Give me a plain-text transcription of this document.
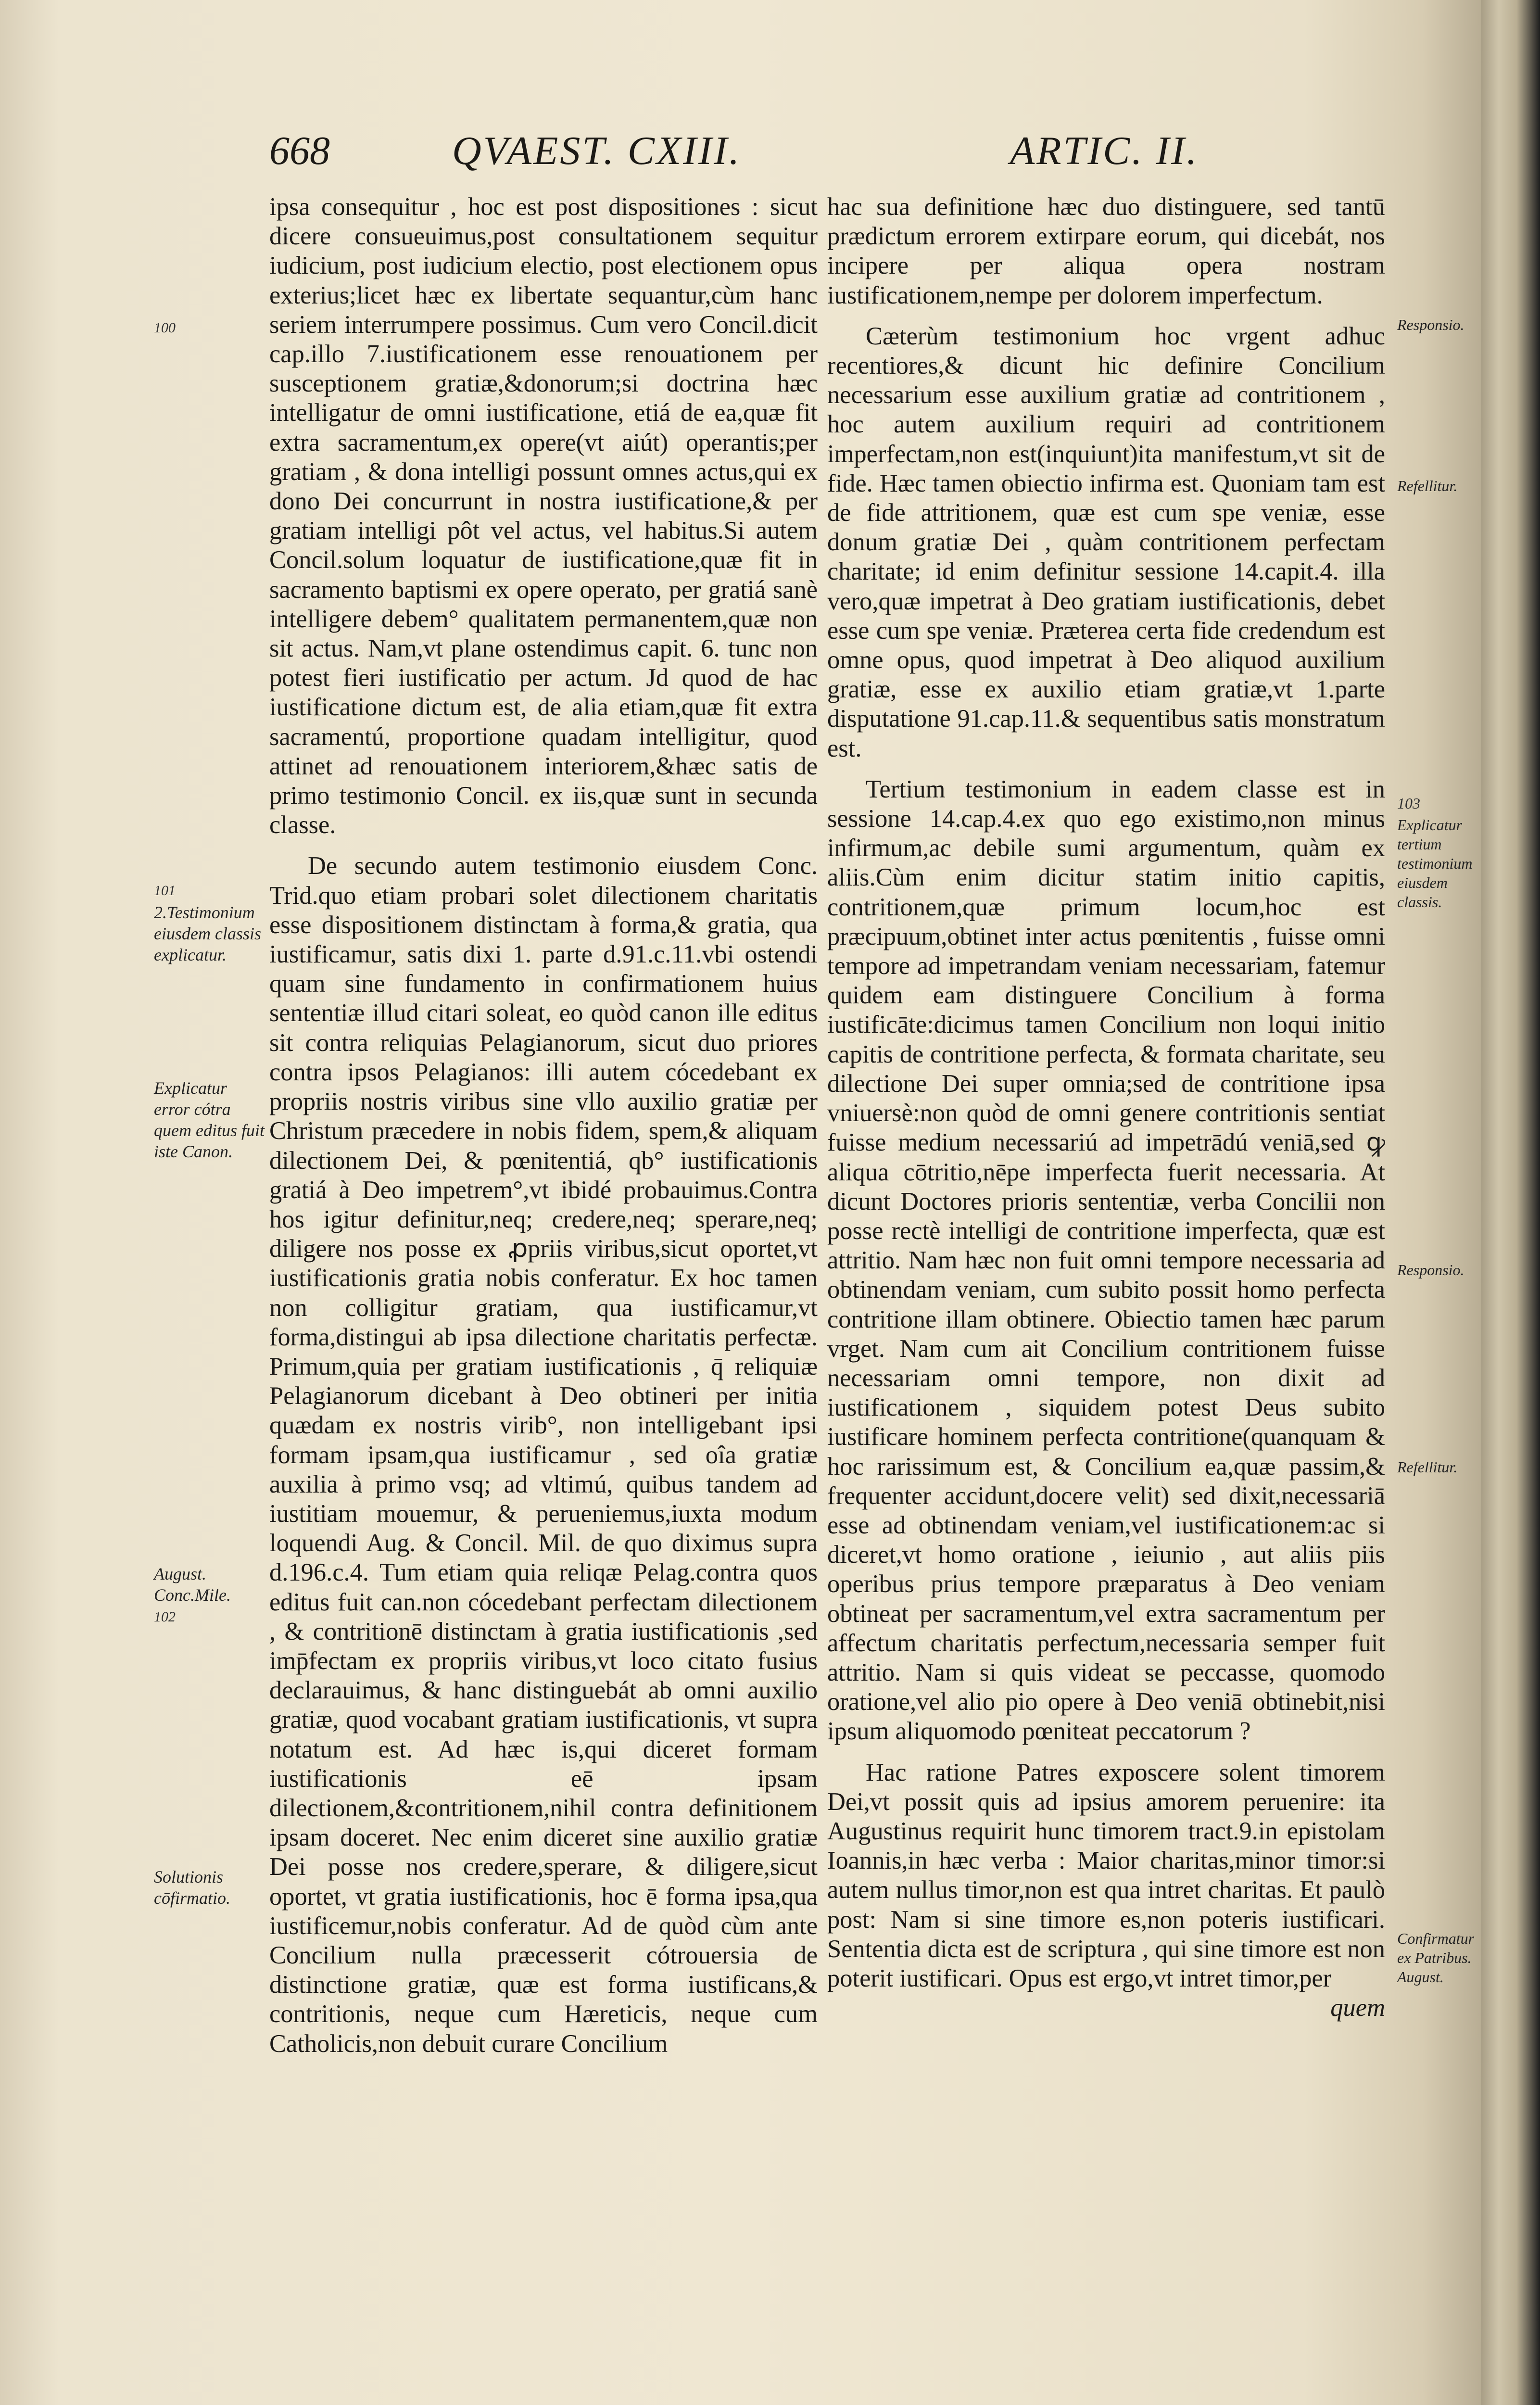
668	QVAEST. CXIII.	ARTIC. II.

ipsa consequitur , hoc est post dispositiones : sicut dicere consueuimus,post consultationem sequitur iudicium, post iudicium electio, post electionem opus exterius;licet hæc ex libertate sequantur,cùm hanc seriem interrumpere possimus. Cum vero Concil.dicit cap.illo 7.iustificationem esse renouationem per susceptionem gratiæ,&donorum;si doctrina hæc intelligatur de omni iustificatione, etiá de ea,quæ fit extra sacramentum,ex opere(vt aiút) operantis;per gratiam , & dona intelligi possunt omnes actus,qui ex dono Dei concurrunt in nostra iustificatione,& per gratiam intelligi pôt vel actus, vel habitus.Si autem Concil.solum loquatur de iustificatione,quæ fit in sacramento baptismi ex opere operato, per gratiá sanè intelligere debem° qualitatem permanentem,quæ non sit actus. Nam,vt plane ostendimus capit. 6. tunc non potest fieri iustificatio per actum. Jd quod de hac iustificatione dictum est, de alia etiam,quæ fit extra sacramentú, proportione quadam intelligitur, quod attinet ad renouationem interiorem,&hæc satis de primo testimonio Concil. ex iis,quæ sunt in secunda classe.

De secundo autem testimonio eiusdem Conc. Trid.quo etiam probari solet dilectionem charitatis esse dispositionem distinctam à forma,& gratia, qua iustificamur, satis dixi 1. parte d.91.c.11.vbi ostendi quam sine fundamento in confirmationem huius sententiæ illud citari soleat, eo quòd canon ille editus sit contra reliquias Pelagianorum, sicut duo priores contra ipsos Pelagianos: illi autem cócedebant ex propriis nostris viribus sine vllo auxilio gratiæ per Christum præcedere in nobis fidem, spem,& aliquam dilectionem Dei, & pœnitentiá, qb° iustificationis gratiá à Deo impetrem°,vt ibidé probauimus.Contra hos igitur definitur,neq; credere,neq; sperare,neq; diligere nos posse ex ꝓpriis viribus,sicut oportet,vt iustificationis gratia nobis conferatur. Ex hoc tamen non colligitur gratiam, qua iustificamur,vt forma,distingui ab ipsa dilectione charitatis perfectæ. Primum,quia per gratiam iustificationis , q̄ reliquiæ Pelagianorum dicebant à Deo obtineri per initia quædam ex nostris virib°, non intelligebant ipsi formam ipsam,qua iustificamur , sed oîa gratiæ auxilia à primo vsq; ad vltimú, quibus tandem ad iustitiam mouemur, & perueniemus,iuxta modum loquendi Aug. & Concil. Mil. de quo diximus supra d.196.c.4. Tum etiam quia reliqæ Pelag.contra quos editus fuit can.non cócedebant perfectam dilectionem , & contritionē distinctam à gratia iustificationis ,sed imp̄fectam ex propriis viribus,vt loco citato fusius declarauimus, & hanc distinguebát ab omni auxilio gratiæ, quod vocabant gratiam iustificationis, vt supra notatum est. Ad hæc is,qui diceret formam iustificationis eē ipsam dilectionem,&contritionem,nihil contra definitionem ipsam doceret. Nec enim diceret sine auxilio gratiæ Dei posse nos credere,sperare, & diligere,sicut oportet, vt gratia iustificationis, hoc ē forma ipsa,qua iustificemur,nobis conferatur. Ad de quòd cùm ante Concilium nulla præcesserit cótrouersia de distinctione gratiæ, quæ est forma iustificans,& contritionis, neque cum Hæreticis, neque cum Catholicis,non debuit curare Concilium

hac sua definitione hæc duo distinguere, sed tantū prædictum errorem extirpare eorum, qui dicebát, nos incipere per aliqua opera nostram iustificationem,nempe per dolorem imperfectum.

Cæterùm testimonium hoc vrgent adhuc recentiores,& dicunt hic definire Concilium necessarium esse auxilium gratiæ ad contritionem , hoc autem auxilium requiri ad contritionem imperfectam,non est(inquiunt)ita manifestum,vt sit de fide. Hæc tamen obiectio infirma est. Quoniam tam est de fide attritionem, quæ est cum spe veniæ, esse donum gratiæ Dei , quàm contritionem perfectam charitate; id enim definitur sessione 14.capit.4. illa vero,quæ impetrat à Deo gratiam iustificationis, debet esse cum spe veniæ. Præterea certa fide credendum est omne opus, quod impetrat à Deo aliquod auxilium gratiæ, esse ex auxilio etiam gratiæ,vt 1.parte disputatione 91.cap.11.& sequentibus satis monstratum est.

Tertium testimonium in eadem classe est in sessione 14.cap.4.ex quo ego existimo,non minus infirmum,ac debile sumi argumentum, quàm ex aliis.Cùm enim dicitur statim initio capitis, contritionem,quæ primum locum,hoc est præcipuum,obtinet inter actus pœnitentis , fuisse omni tempore ad impetrandam veniam necessariam, fatemur quidem eam distinguere Concilium à forma iustificāte:dicimus tamen Concilium non loqui initio capitis de contritione perfecta, & formata charitate, seu dilectione Dei super omnia;sed de contritione ipsa vniuersè:non quòd de omni genere contritionis sentiat fuisse medium necessariú ad impetrādú veniā,sed ꝙ aliqua cōtritio,nēpe imperfecta fuerit necessaria. At dicunt Doctores prioris sententiæ, verba Concilii non posse rectè intelligi de contritione imperfecta, quæ est attritio. Nam hæc non fuit omni tempore necessaria ad obtinendam veniam, cum subito possit homo perfecta contritione illam obtinere. Obiectio tamen hæc parum vrget. Nam cum ait Concilium contritionem fuisse necessariam omni tempore, non dixit ad iustificationem , siquidem potest Deus subito iustificare hominem perfecta contritione(quanquam & hoc rarissimum est, & Concilium ea,quæ passim,& frequenter accidunt,docere velit) sed dixit,necessariā esse ad obtinendam veniam,vel iustificationem:ac si diceret,vt homo oratione , ieiunio , aut aliis piis operibus prius tempore præparatus à Deo veniam obtineat per sacramentum,vel extra sacramentum per affectum charitatis perfectum,necessaria semper fuit attritio. Nam si quis videat se peccasse, quomodo oratione,vel alio pio opere à Deo veniā obtinebit,nisi ipsum aliquomodo pœniteat peccatorum ?

Hac ratione Patres exposcere solent timorem Dei,vt possit quis ad ipsius amorem peruenire: ita Augustinus requirit hunc timorem tract.9.in epistolam Ioannis,in hæc verba : Maior charitas,minor timor:si autem nullus timor,non est qua intret charitas. Et paulò post: Nam si sine timore es,non poteris iustificari. Sententia dicta est de scriptura , qui sine timore est non poterit iustificari. Opus est ergo,vt intret timor,per

quem
100
101
2.Testimonium eiusdem classis explicatur.
Explicatur error cótra quem editus fuit iste Canon.
August. Conc.Mile.
102
Solutionis cōfirmatio.
Responsio.
Refellitur.
103
Explicatur tertium testimonium eiusdem classis.
Responsio.
Refellitur.
Confirmatur ex Patribus. August.
